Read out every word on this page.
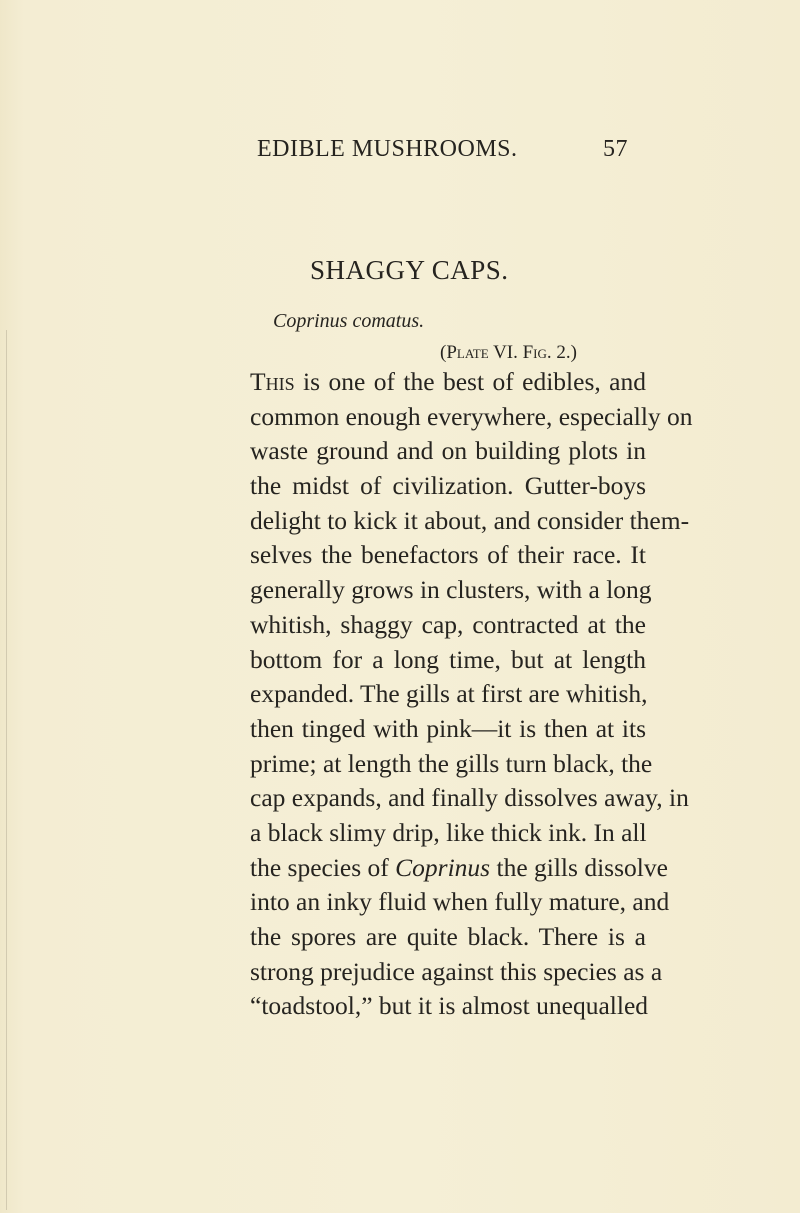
EDIBLE MUSHROOMS.	57
SHAGGY CAPS.
Coprinus comatus.
(Plate VI. Fig. 2.)
This is one of the best of edibles, and
common enough everywhere, especially on
waste ground and on building plots in
the midst of civilization. Gutter-boys
delight to kick it about, and consider them-
selves the benefactors of their race. It
generally grows in clusters, with a long
whitish, shaggy cap, contracted at the
bottom for a long time, but at length
expanded. The gills at first are whitish,
then tinged with pink—it is then at its
prime; at length the gills turn black, the
cap expands, and finally dissolves away, in
a black slimy drip, like thick ink. In all
the species of Coprinus the gills dissolve
into an inky fluid when fully mature, and
the spores are quite black. There is a
strong prejudice against this species as a
“toadstool,” but it is almost unequalled
